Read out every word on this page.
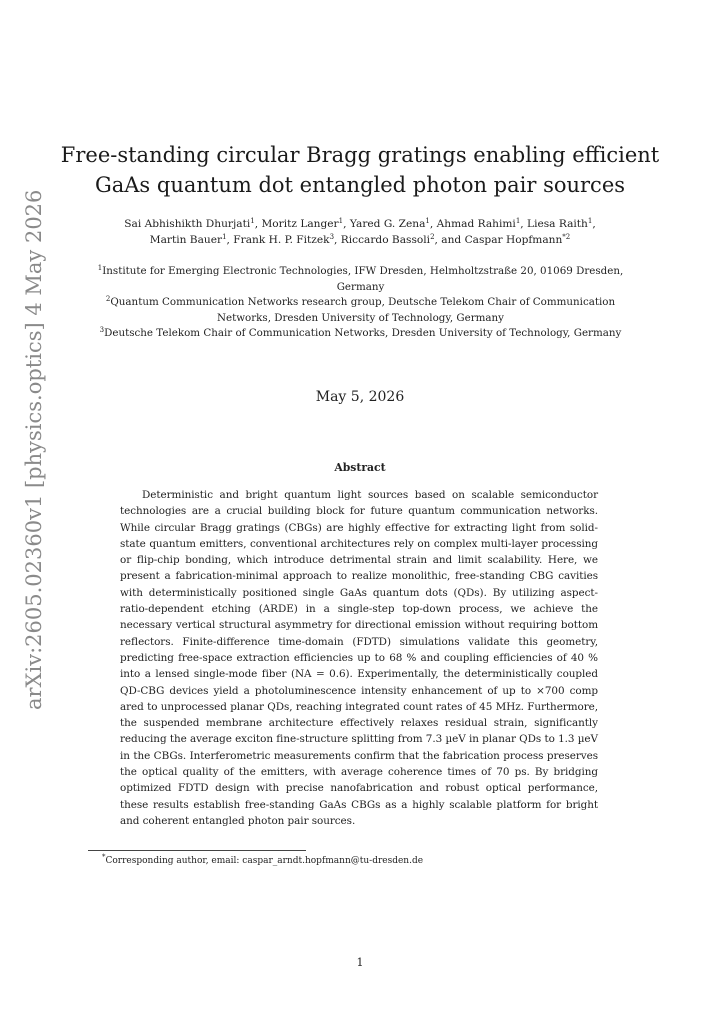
arXiv:2605.02360v1 [physics.optics] 4 May 2026
Free-standing circular Bragg gratings enabling efficient
GaAs quantum dot entangled photon pair sources
Sai Abhishikth Dhurjati$^1$, Moritz Langer$^1$, Yared G. Zena$^1$, Ahmad Rahimi$^1$, Liesa Raith$^1$,
Martin Bauer$^1$, Frank H. P. Fitzek$^3$, Riccardo Bassoli$^2$, and Caspar Hopfmann$^{*2}$
$^1$Institute for Emerging Electronic Technologies, IFW Dresden, Helmholtzstraße 20, 01069 Dresden, Germany
$^2$Quantum Communication Networks research group, Deutsche Telekom Chair of Communication Networks, Dresden University of Technology, Germany
$^3$Deutsche Telekom Chair of Communication Networks, Dresden University of Technology, Germany
May 5, 2026
Abstract
Deterministic and bright quantum light sources based on scalable semiconductor technologies are a crucial building block for future quantum communication networks. While circular Bragg gratings (CBGs) are highly effective for extracting light from solid-state quantum emitters, conventional architectures rely on complex multi-layer processing or flip-chip bonding, which introduce detrimental strain and limit scalability. Here, we present a fabrication-minimal approach to realize monolithic, free-standing CBG cavities with deterministically positioned single GaAs quantum dots (QDs). By utilizing aspect-ratio-dependent etching (ARDE) in a single-step top-down process, we achieve the necessary vertical structural asymmetry for directional emission without requiring bottom reflectors. Finite-difference time-domain (FDTD) simulations validate this geometry, predicting free-space extraction efficiencies up to 68 % and coupling efficiencies of 40 % into a lensed single-mode fiber (NA = 0.6). Experimentally, the deterministically coupled QD-CBG devices yield a photoluminescence intensity enhancement of up to ×700 comp ared to unprocessed planar QDs, reaching integrated count rates of 45 MHz. Furthermore, the suspended membrane architecture effectively relaxes residual strain, significantly reducing the average exciton fine-structure splitting from 7.3 µeV in planar QDs to 1.3 µeV in the CBGs. Interferometric measurements confirm that the fabrication process preserves the optical quality of the emitters, with average coherence times of 70 ps. By bridging optimized FDTD design with precise nanofabrication and robust optical performance, these results establish free-standing GaAs CBGs as a highly scalable platform for bright and coherent entangled photon pair sources.
*Corresponding author, email: caspar_arndt.hopfmann@tu-dresden.de
1
